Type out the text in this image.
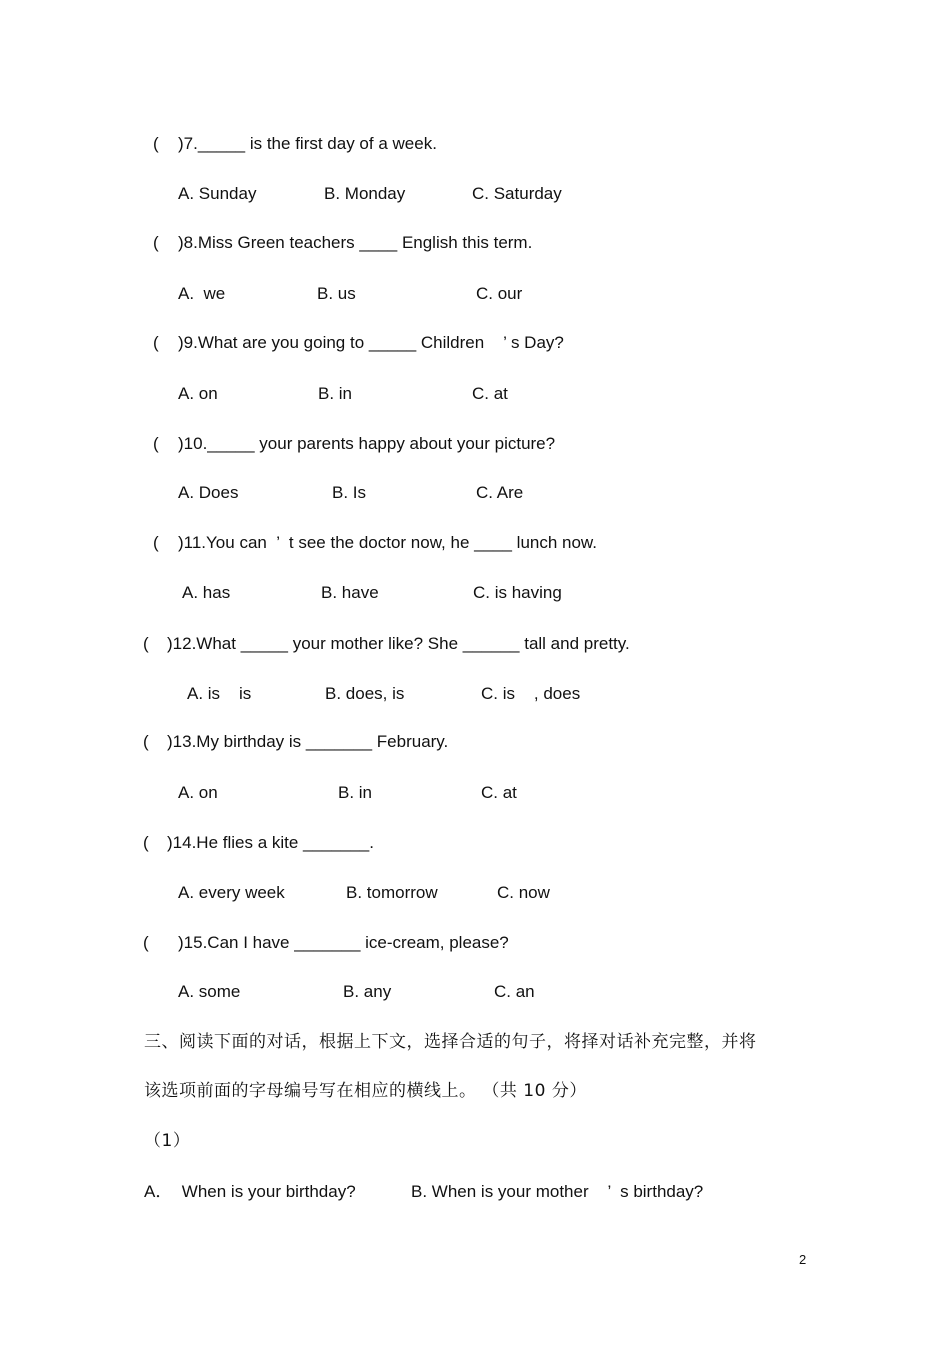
( )7._____ is the first day of a week.
A. Sunday	B. Monday	C. Saturday
( )8.Miss Green teachers ____ English this term.
A.  we	B. us	C. our
( )9.What are you going to _____ Children    ’ s Day?
A. on	B. in	C. at
( )10._____ your parents happy about your picture?
A. Does	B. Is	C. Are
( )11.You can  ’  t see the doctor now, he ____ lunch now.
A. has	B. have	C. is having
( )12.What _____ your mother like? She ______ tall and pretty.
A. is    is	B. does, is	C. is    , does
( )13.My birthday is _______ February.
A. on	B. in	C. at
( )14.He flies a kite _______.
A. every week	B. tomorrow	C. now
( )15.Can I have _______ ice-cream, please?
A. some	B. any	C. an
三、阅读下面的对话，根据上下文，选择合适的句子，将择对话补充完整，并将
该选项前面的字母编号写在相应的横线上。 （共 10 分）
（1）
A．  When is your birthday?	B. When is your mother    ’  s birthday?
2
